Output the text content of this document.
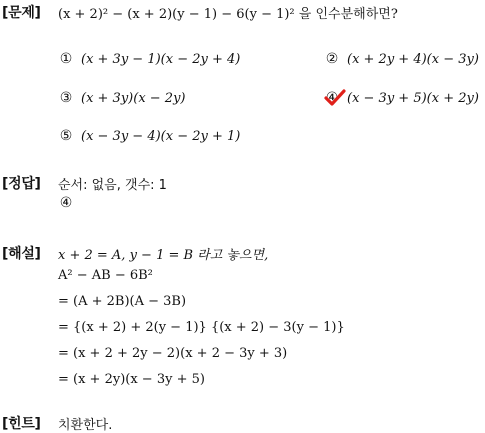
[문제] (x + 2)² − (x + 2)(y − 1) − 6(y − 1)² 을 인수분해하면?
① (x + 3y − 1)(x − 2y + 4)	② (x + 2y + 4)(x − 3y)
③ (x + 3y)(x − 2y)	④ (x − 3y + 5)(x + 2y)
⑤ (x − 3y − 4)(x − 2y + 1)
[정답] 순서: 없음, 갯수: 1
④
[해설] x + 2 = A, y − 1 = B 라고 놓으면,
A² − AB − 6B²
= (A + 2B)(A − 3B)
= {(x + 2) + 2(y − 1)} {(x + 2) − 3(y − 1)}
= (x + 2 + 2y − 2)(x + 2 − 3y + 3)
= (x + 2y)(x − 3y + 5)
[힌트] 치환한다.
